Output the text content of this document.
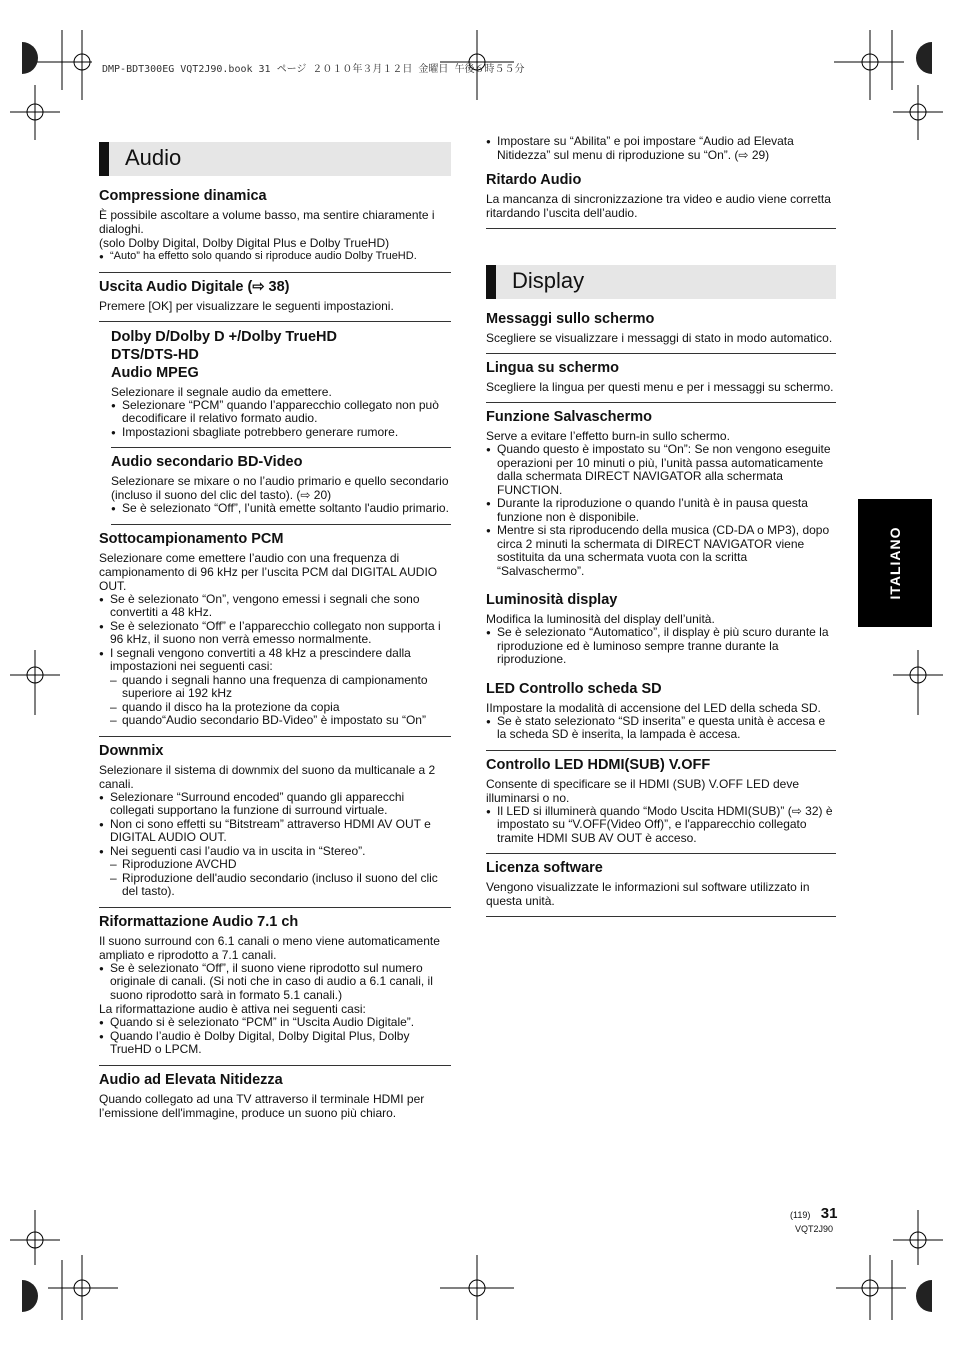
DMP-BDT300EG VQT2J90.book 31 ページ ２０１０年３月１２日 金曜日 午後６時５５分
Audio
Compressione dinamica

È possibile ascoltare a volume basso, ma sentire chiaramente i dialoghi.

(solo Dolby Digital, Dolby Digital Plus e Dolby TrueHD)

● “Auto” ha effetto solo quando si riproduce audio Dolby TrueHD.
Uscita Audio Digitale (⇨ 38)

Premere [OK] per visualizzare le seguenti impostazioni.

Dolby D/Dolby D +/Dolby TrueHD
DTS/DTS-HD
Audio MPEG

Selezionare il segnale audio da emettere.

● Selezionare “PCM” quando l’apparecchio collegato non può decodificare il relativo formato audio.
● Impostazioni sbagliate potrebbero generare rumore.
Audio secondario BD-Video

Selezionare se mixare o no l’audio primario e quello secondario (incluso il suono del clic del tasto). (⇨ 20)

● Se è selezionato “Off”, l’unità emette soltanto l'audio primario.
Sottocampionamento PCM

Selezionare come emettere l’audio con una frequenza di campionamento di 96 kHz per l’uscita PCM dal DIGITAL AUDIO OUT.

● Se è selezionato “On”, vengono emessi i segnali che sono convertiti a 48 kHz.
● Se è selezionato “Off” e l’apparecchio collegato non supporta i 96 kHz, il suono non verrà emesso normalmente.
● I segnali vengono convertiti a 48 kHz a prescindere dalla impostazioni nei seguenti casi:
– quando i segnali hanno una frequenza di campionamento superiore ai 192 kHz
– quando il disco ha la protezione da copia
– quando“Audio secondario BD-Video” è impostato su “On”
Downmix

Selezionare il sistema di downmix del suono da multicanale a 2 canali.

● Selezionare “Surround encoded” quando gli apparecchi collegati supportano la funzione di surround virtuale.
● Non ci sono effetti su “Bitstream” attraverso HDMI AV OUT e DIGITAL AUDIO OUT.
● Nei seguenti casi l’audio va in uscita in “Stereo”.
– Riproduzione AVCHD
– Riproduzione dell'audio secondario (incluso il suono del clic del tasto).
Riformattazione Audio 7.1 ch

Il suono surround con 6.1 canali o meno viene automaticamente ampliato e riprodotto a 7.1 canali.

● Se è selezionato “Off”, il suono viene riprodotto sul numero originale di canali. (Si noti che in caso di audio a 6.1 canali, il suono riprodotto sarà in formato 5.1 canali.)

La riformattazione audio è attiva nei seguenti casi:

● Quando si è selezionato “PCM” in “Uscita Audio Digitale”.
● Quando l’audio è Dolby Digital, Dolby Digital Plus, Dolby TrueHD o LPCM.
Audio ad Elevata Nitidezza

Quando collegato ad una TV attraverso il terminale HDMI per l’emissione dell'immagine, produce un suono più chiaro.

● Impostare su “Abilita” e poi impostare “Audio ad Elevata Nitidezza” sul menu di riproduzione su “On”. (⇨ 29)
Ritardo Audio

La mancanza di sincronizzazione tra video e audio viene corretta ritardando l’uscita dell’audio.

Display
Messaggi sullo schermo

Scegliere se visualizzare i messaggi di stato in modo automatico.

Lingua su schermo

Scegliere la lingua per questi menu e per i messaggi su schermo.

Funzione Salvaschermo

Serve a evitare l’effetto burn-in sullo schermo.

● Quando questo è impostato su “On”: Se non vengono eseguite operazioni per 10 minuti o più, l’unità passa automaticamente dalla schermata DIRECT NAVIGATOR alla schermata FUNCTION.
● Durante la riproduzione o quando l’unità è in pausa questa funzione non è disponibile.
● Mentre si sta riproducendo della musica (CD-DA o MP3), dopo circa 2 minuti la schermata di DIRECT NAVIGATOR viene sostituita da una schermata vuota con la scritta “Salvaschermo”.
Luminosità display

Modifica la luminosità del display dell’unità.

● Se è selezionato “Automatico”, il display è più scuro durante la riproduzione ed è luminoso sempre tranne durante la riproduzione.
LED Controllo scheda SD

IImpostare la modalità di accensione del LED della scheda SD.

● Se è stato selezionato “SD inserita” e questa unità è accesa e la scheda SD è inserita, la lampada è accesa.
Controllo LED HDMI(SUB) V.OFF

Consente di specificare se il HDMI (SUB) V.OFF LED deve illuminarsi o no.

● Il LED si illuminerà quando “Modo Uscita HDMI(SUB)” (⇨ 32) è impostato su “V.OFF(Video Off)”, e l'apparecchio collegato tramite HDMI SUB AV OUT è acceso.
Licenza software

Vengono visualizzate le informazioni sul software utilizzato in questa unità.

ITALIANO
(119) 31
VQT2J90
